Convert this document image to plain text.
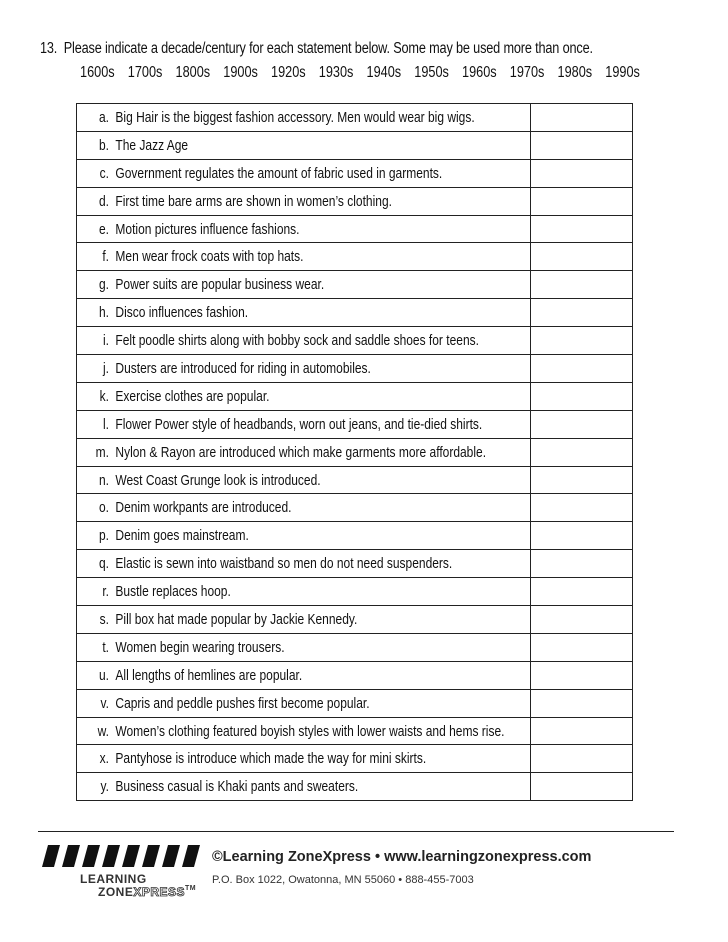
13. Please indicate a decade/century for each statement below. Some may be used more than once.
1600s 1700s 1800s 1900s 1920s 1930s 1940s 1950s 1960s 1970s 1980s 1990s
a. Big Hair is the biggest fashion accessory. Men would wear big wigs.	

b. The Jazz Age	

c. Government regulates the amount of fabric used in garments.	

d. First time bare arms are shown in women’s clothing.	

e. Motion pictures influence fashions.	

f. Men wear frock coats with top hats.	

g. Power suits are popular business wear.	

h. Disco influences fashion.	

i. Felt poodle shirts along with bobby sock and saddle shoes for teens.	

j. Dusters are introduced for riding in automobiles.	

k. Exercise clothes are popular.	

l. Flower Power style of headbands, worn out jeans, and tie-died shirts.	

m. Nylon & Rayon are introduced which make garments more affordable.	

n. West Coast Grunge look is introduced.	

o. Denim workpants are introduced.	

p. Denim goes mainstream.	

q. Elastic is sewn into waistband so men do not need suspenders.	

r. Bustle replaces hoop.	

s. Pill box hat made popular by Jackie Kennedy.	

t. Women begin wearing trousers.	

u. All lengths of hemlines are popular.	

v. Capris and peddle pushes first become popular.	

w. Women’s clothing featured boyish styles with lower waists and hems rise.	

x. Pantyhose is introduce which made the way for mini skirts.	

y. Business casual is Khaki pants and sweaters.	

LEARNING
ZONEXPRESS™
©Learning ZoneXpress • www.learningzonexpress.com
P.O. Box 1022, Owatonna, MN 55060 • 888-455-7003
